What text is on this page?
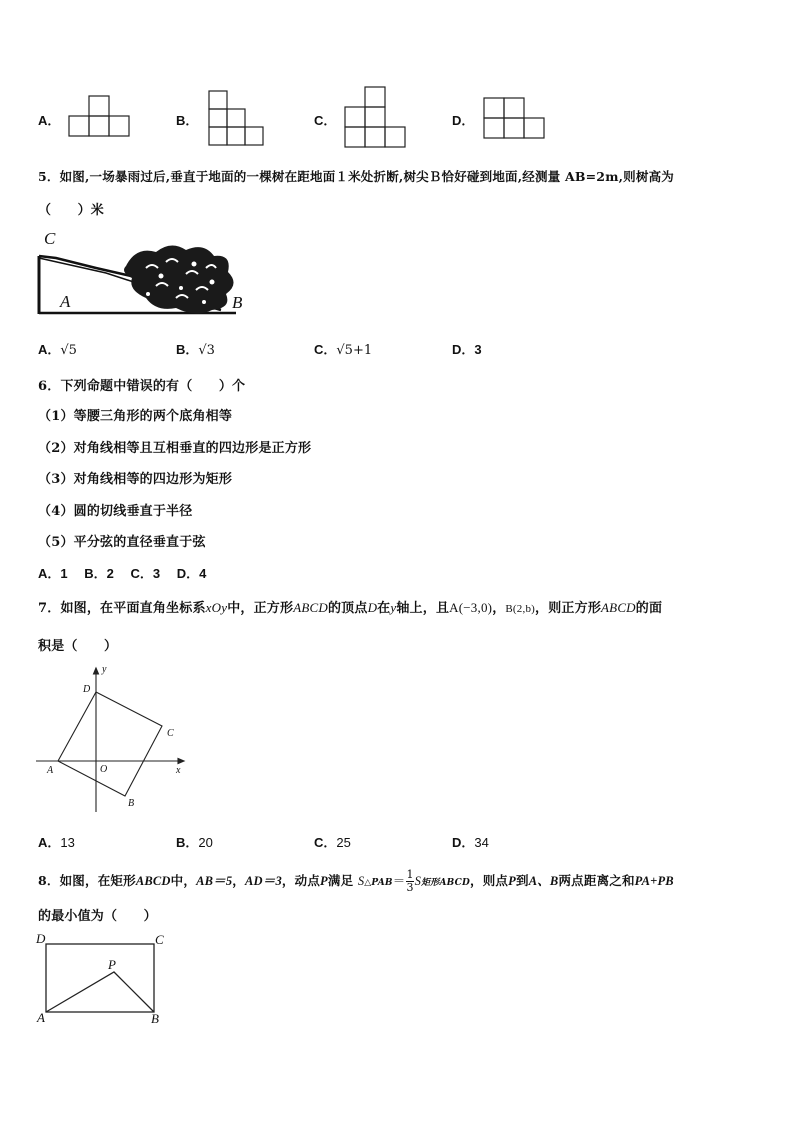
A．	B．	C．	D．
5．如图,一场暴雨过后,垂直于地面的一棵树在距地面１米处折断,树尖Ｂ恰好碰到地面,经测量 AB=2m,则树高为
（　　）米
C
A	B
A．√5	B．√3	C．√5+1	D．3
6．下列命题中错误的有（　　）个
（1）等腰三角形的两个底角相等
（2）对角线相等且互相垂直的四边形是正方形
（3）对角线相等的四边形为矩形
（4）圆的切线垂直于半径
（5）平分弦的直径垂直于弦
A．1　 B．2　 C．3　 D．4
7．如图，在平面直角坐标系xOy中，正方形ABCD的顶点D在y轴上，且A(−3,0)，B(2,b)，则正方形ABCD的面
积是（　　）
y
x
O
A
B
C
D
A．13	B．20	C．25	D．34
8．如图，在矩形ABCD中，AB＝5，AD＝3，动点P满足 S△PAB＝ $\frac{1}{3}$ S矩形ABCD，则点P到A、B两点距离之和PA+PB
的最小值为（　　）
D	C
P
A	B
